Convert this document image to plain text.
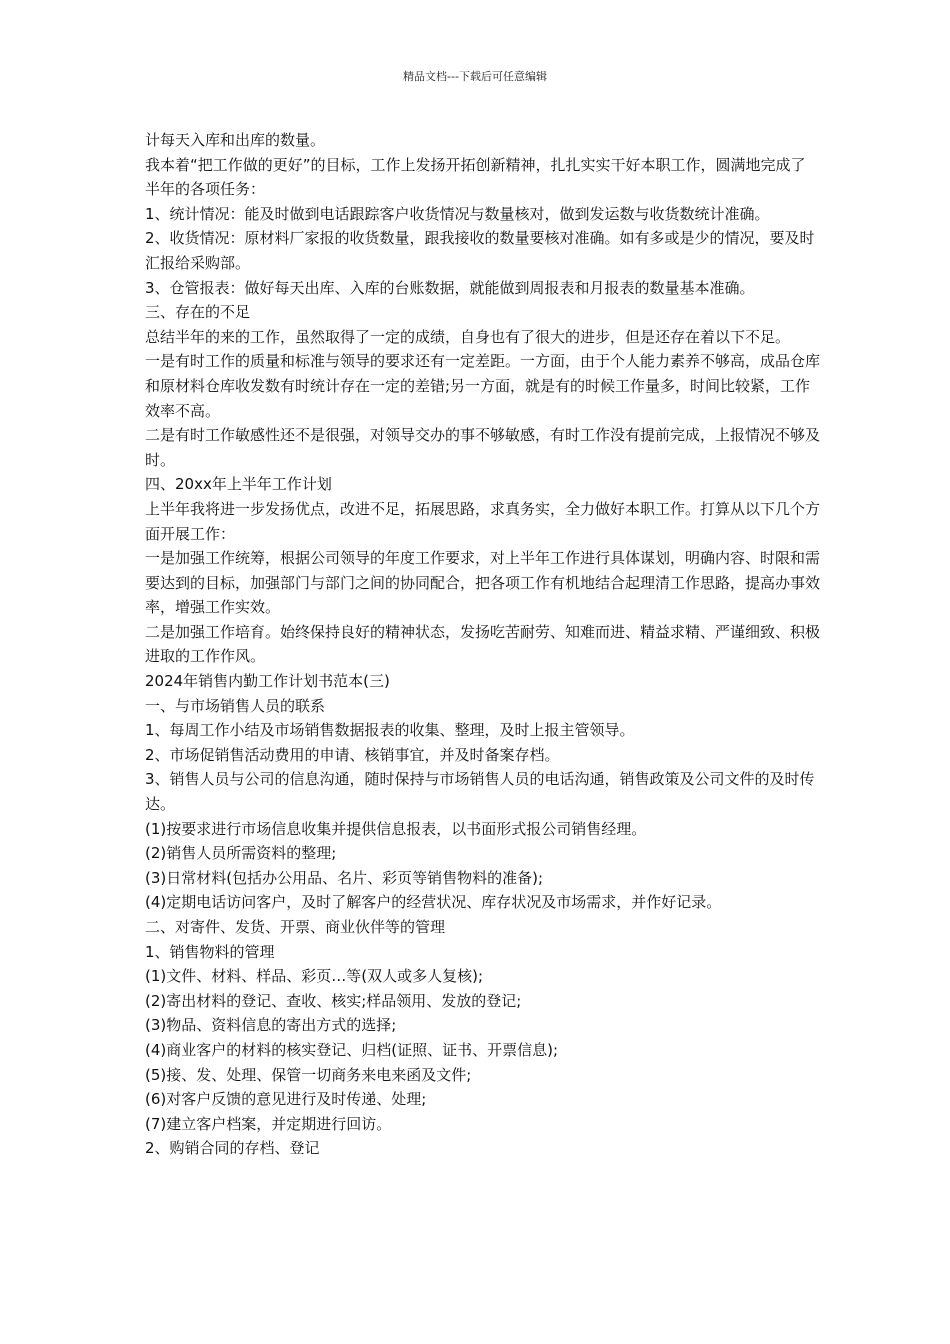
精品文档---下载后可任意编辑

计每天入库和出库的数量。

我本着“把工作做的更好”的目标，工作上发扬开拓创新精神，扎扎实实干好本职工作，圆满地完成了半年的各项任务：

1、统计情况：能及时做到电话跟踪客户收货情况与数量核对，做到发运数与收货数统计准确。

2、收货情况：原材料厂家报的收货数量，跟我接收的数量要核对准确。如有多或是少的情况，要及时汇报给采购部。

3、仓管报表：做好每天出库、入库的台账数据，就能做到周报表和月报表的数量基本准确。

三、存在的不足

总结半年的来的工作，虽然取得了一定的成绩，自身也有了很大的进步，但是还存在着以下不足。

一是有时工作的质量和标准与领导的要求还有一定差距。一方面，由于个人能力素养不够高，成品仓库和原材料仓库收发数有时统计存在一定的差错;另一方面，就是有的时候工作量多，时间比较紧，工作效率不高。

二是有时工作敏感性还不是很强，对领导交办的事不够敏感，有时工作没有提前完成，上报情况不够及时。

四、20xx年上半年工作计划

上半年我将进一步发扬优点，改进不足，拓展思路，求真务实，全力做好本职工作。打算从以下几个方面开展工作：

一是加强工作统筹，根据公司领导的年度工作要求，对上半年工作进行具体谋划，明确内容、时限和需要达到的目标，加强部门与部门之间的协同配合，把各项工作有机地结合起理清工作思路，提高办事效率，增强工作实效。

二是加强工作培育。始终保持良好的精神状态，发扬吃苦耐劳、知难而进、精益求精、严谨细致、积极进取的工作作风。

2024年销售内勤工作计划书范本(三)

一、与市场销售人员的联系

1、每周工作小结及市场销售数据报表的收集、整理，及时上报主管领导。

2、市场促销售活动费用的申请、核销事宜，并及时备案存档。

3、销售人员与公司的信息沟通，随时保持与市场销售人员的电话沟通，销售政策及公司文件的及时传达。

(1)按要求进行市场信息收集并提供信息报表，以书面形式报公司销售经理。

(2)销售人员所需资料的整理;

(3)日常材料(包括办公用品、名片、彩页等销售物料的准备);

(4)定期电话访问客户，及时了解客户的经营状况、库存状况及市场需求，并作好记录。

二、对寄件、发货、开票、商业伙伴等的管理

1、销售物料的管理

(1)文件、材料、样品、彩页…等(双人或多人复核);

(2)寄出材料的登记、查收、核实;样品领用、发放的登记;

(3)物品、资料信息的寄出方式的选择;

(4)商业客户的材料的核实登记、归档(证照、证书、开票信息);

(5)接、发、处理、保管一切商务来电来函及文件;

(6)对客户反馈的意见进行及时传递、处理;

(7)建立客户档案，并定期进行回访。

2、购销合同的存档、登记
